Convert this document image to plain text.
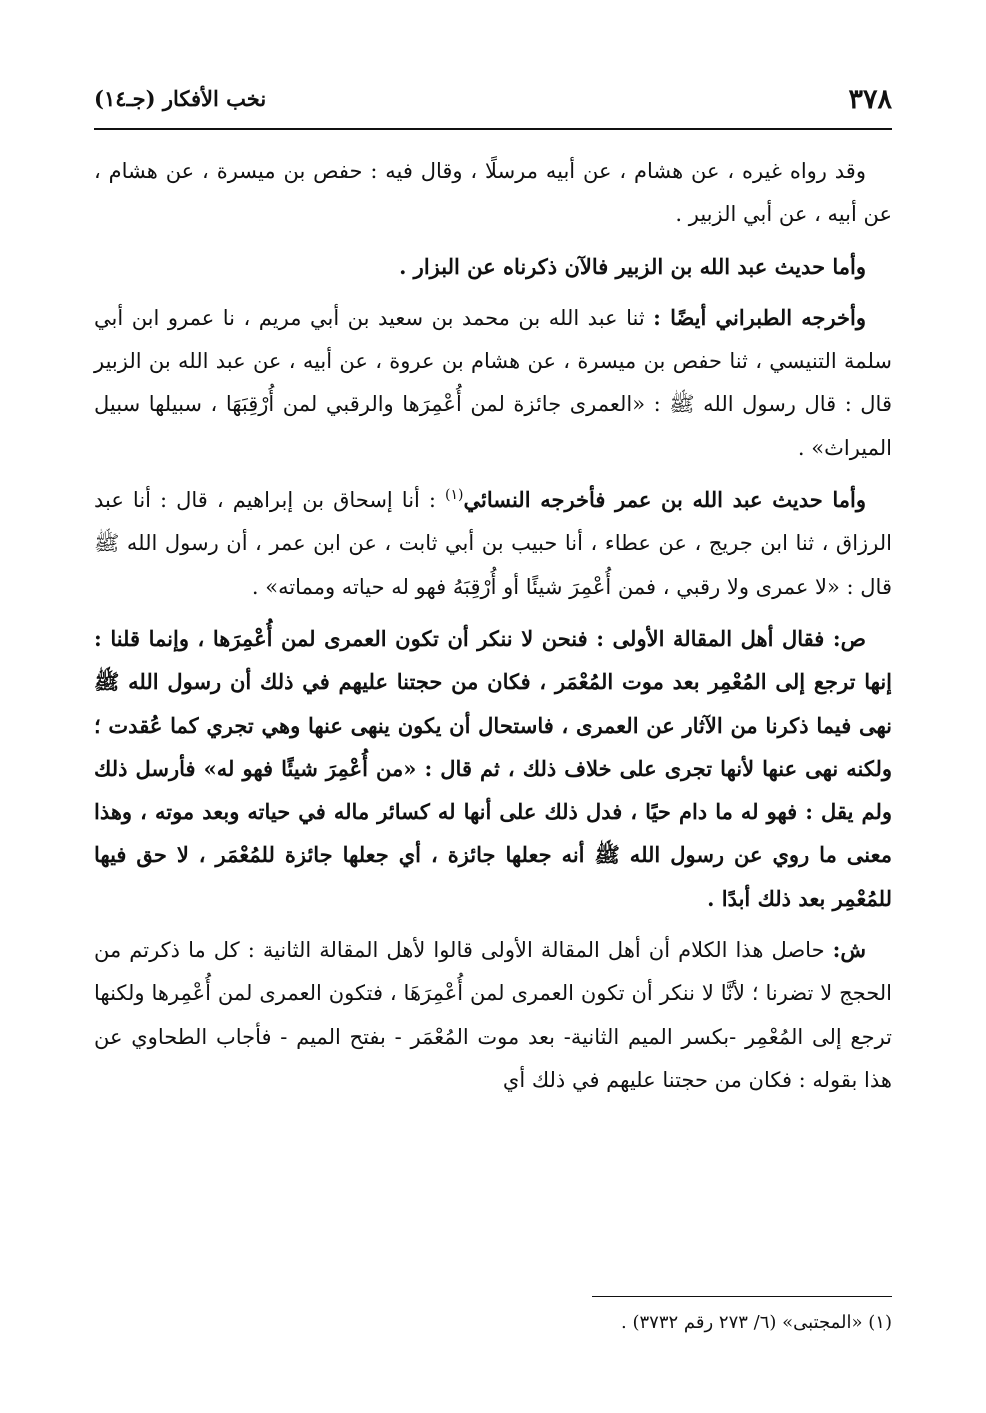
٣٧٨
نخب الأفكار (جـ١٤)

وقد رواه غيره ، عن هشام ، عن أبيه مرسلًا ، وقال فيه : حفص بن ميسرة ، عن هشام ، عن أبيه ، عن أبي الزبير .

وأما حديث عبد الله بن الزبير فالآن ذكرناه عن البزار .

وأخرجه الطبراني أيضًا : ثنا عبد الله بن محمد بن سعيد بن أبي مريم ، نا عمرو ابن أبي سلمة التنيسي ، ثنا حفص بن ميسرة ، عن هشام بن عروة ، عن أبيه ، عن عبد الله بن الزبير قال : قال رسول الله ﷺ : «العمرى جائزة لمن أُعْمِرَها والرقبي لمن أُرْقِبَهَا ، سبيلها سبيل الميراث» .

وأما حديث عبد الله بن عمر فأخرجه النسائي$^{(١)}$ : أنا إسحاق بن إبراهيم ، قال : أنا عبد الرزاق ، ثنا ابن جريج ، عن عطاء ، أنا حبيب بن أبي ثابت ، عن ابن عمر ، أن رسول الله ﷺ قال : «لا عمرى ولا رقبي ، فمن أُعْمِرَ شيئًا أو أُرْقِبَهُ فهو له حياته ومماته» .

ص: فقال أهل المقالة الأولى : فنحن لا ننكر أن تكون العمرى لمن أُعْمِرَها ، وإنما قلنا : إنها ترجع إلى المُعْمِر بعد موت المُعْمَر ، فكان من حجتنا عليهم في ذلك أن رسول الله ﷺ نهى فيما ذكرنا من الآثار عن العمرى ، فاستحال أن يكون ينهى عنها وهي تجري كما عُقدت ؛ ولكنه نهى عنها لأنها تجرى على خلاف ذلك ، ثم قال : «من أُعْمِرَ شيئًا فهو له» فأرسل ذلك ولم يقل : فهو له ما دام حيًا ، فدل ذلك على أنها له كسائر ماله في حياته وبعد موته ، وهذا معنى ما روي عن رسول الله ﷺ أنه جعلها جائزة ، أي جعلها جائزة للمُعْمَر ، لا حق فيها للمُعْمِر بعد ذلك أبدًا .

ش: حاصل هذا الكلام أن أهل المقالة الأولى قالوا لأهل المقالة الثانية : كل ما ذكرتم من الحجج لا تضرنا ؛ لأنَّا لا ننكر أن تكون العمرى لمن أُعْمِرَهَا ، فتكون العمرى لمن أُعْمِرها ولكنها ترجع إلى المُعْمِر -بكسر الميم الثانية- بعد موت المُعْمَر - بفتح الميم - فأجاب الطحاوي عن هذا بقوله : فكان من حجتنا عليهم في ذلك أي

(١) «المجتبى» (٦/ ٢٧٣ رقم ٣٧٣٢) .
